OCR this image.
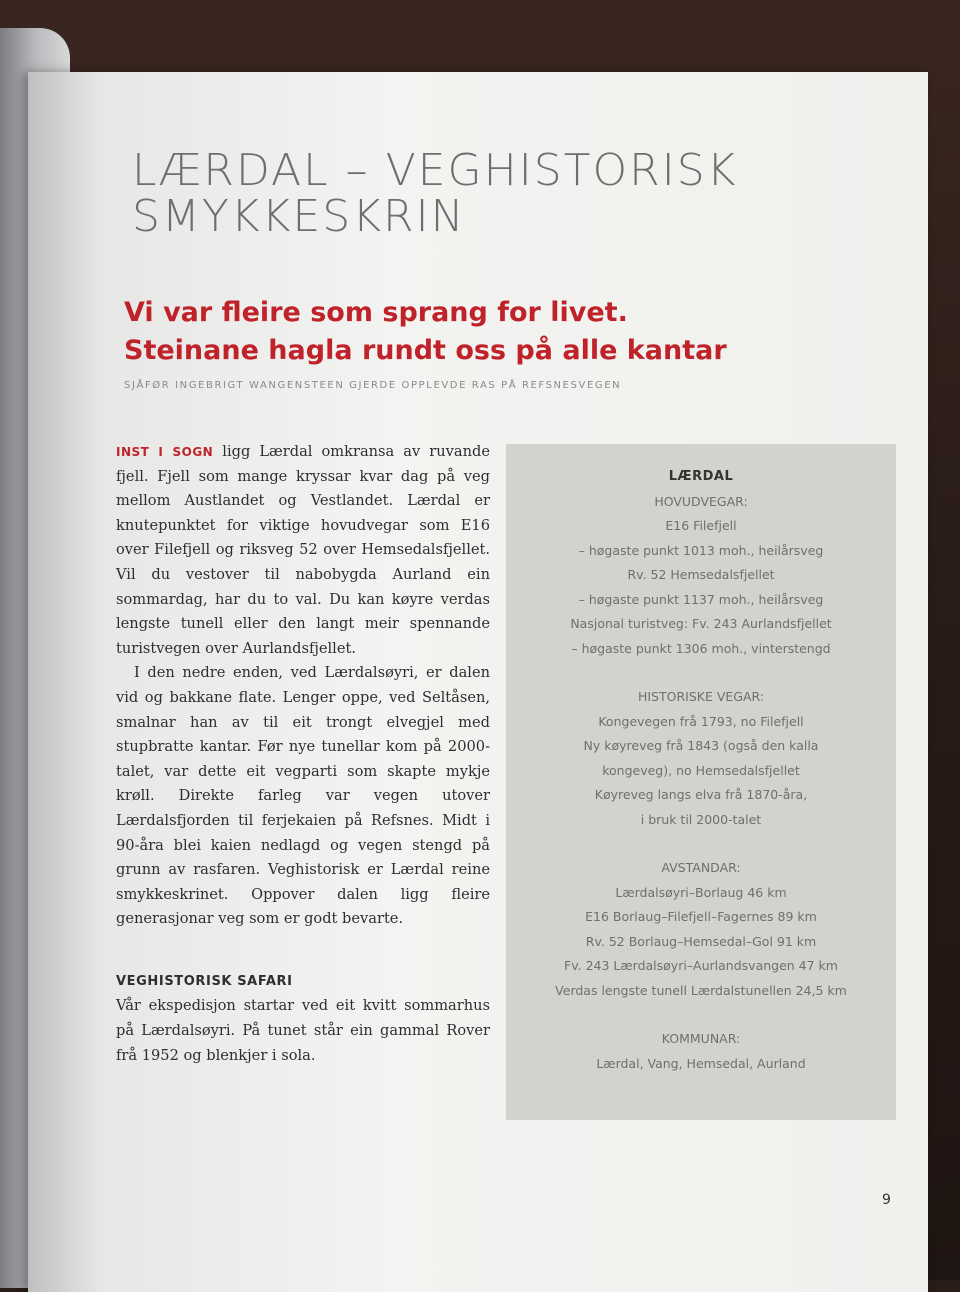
LÆRDAL – VEGHISTORISK
SMYKKESKRIN
Vi var fleire som sprang for livet.
Steinane hagla rundt oss på alle kantar
SJÅFØR INGEBRIGT WANGENSTEEN GJERDE OPPLEVDE RAS PÅ REFSNESVEGEN

INST I SOGN ligg Lærdal omkransa av ruvande fjell. Fjell som mange kryssar kvar dag på veg mellom Austlandet og Vestlandet. Lærdal er knutepunktet for viktige hovudvegar som E16 over Filefjell og riksveg 52 over Hemsedalsfjellet. Vil du vestover til nabobygda Aurland ein sommardag, har du to val. Du kan køyre verdas lengste tunell eller den langt meir spennande turistvegen over Aurlandsfjellet.

I den nedre enden, ved Lærdalsøyri, er dalen vid og bakkane flate. Lenger oppe, ved Seltåsen, smalnar han av til eit trongt elvegjel med stupbratte kantar. Før nye tunellar kom på 2000-talet, var dette eit vegparti som skapte mykje krøll. Direkte farleg var vegen utover Lærdalsfjorden til ferjekaien på Refsnes. Midt i 90-åra blei kaien nedlagd og vegen stengd på grunn av rasfaren. Veghistorisk er Lærdal reine smykkeskrinet. Oppover dalen ligg fleire generasjonar veg som er godt bevarte.

VEGHISTORISK SAFARI

Vår ekspedisjon startar ved eit kvitt sommarhus på Lærdalsøyri. På tunet står ein gammal Rover frå 1952 og blenkjer i sola.

LÆRDAL
HOVUDVEGAR:
E16 Filefjell
– høgaste punkt 1013 moh., heilårsveg
Rv. 52 Hemsedalsfjellet
– høgaste punkt 1137 moh., heilårsveg
Nasjonal turistveg: Fv. 243 Aurlandsfjellet
– høgaste punkt 1306 moh., vinterstengd
HISTORISKE VEGAR:
Kongevegen frå 1793, no Filefjell
Ny køyreveg frå 1843 (også den kalla
kongeveg), no Hemsedalsfjellet
Køyreveg langs elva frå 1870-åra,
i bruk til 2000-talet
AVSTANDAR:
Lærdalsøyri–Borlaug 46 km
E16 Borlaug–Filefjell–Fagernes 89 km
Rv. 52 Borlaug–Hemsedal–Gol 91 km
Fv. 243 Lærdalsøyri–Aurlandsvangen 47 km
Verdas lengste tunell Lærdalstunellen 24,5 km
KOMMUNAR:
Lærdal, Vang, Hemsedal, Aurland
9
